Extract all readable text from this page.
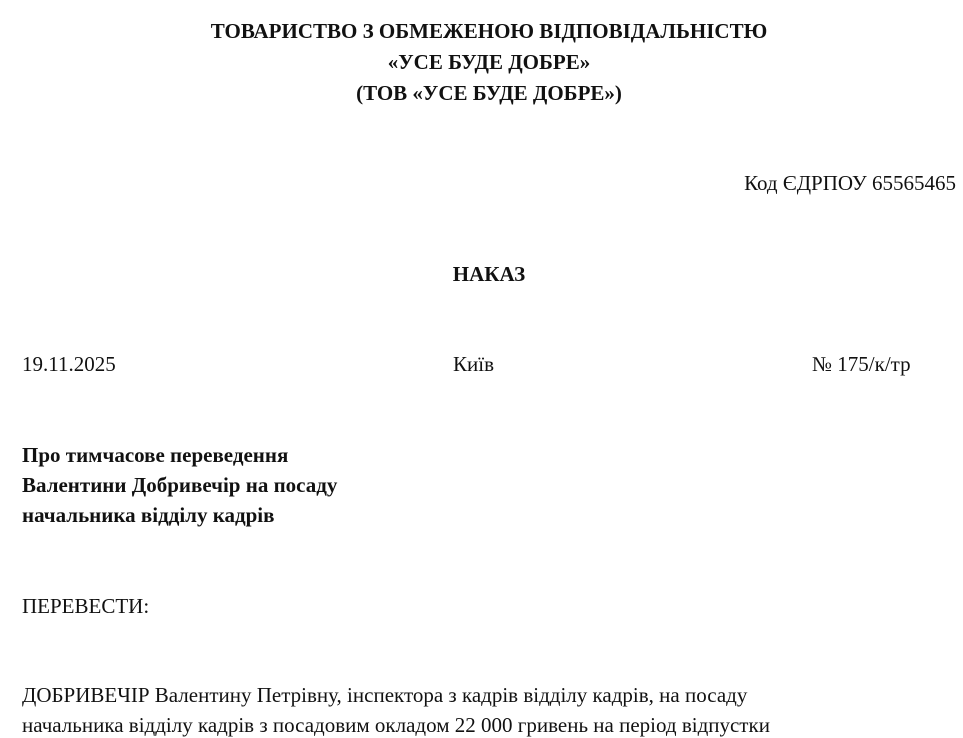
ТОВАРИСТВО З ОБМЕЖЕНОЮ ВІДПОВІДАЛЬНІСТЮ
«УСЕ БУДЕ ДОБРЕ»
(ТОВ «УСЕ БУДЕ ДОБРЕ»)
Код ЄДРПОУ 65565465
НАКАЗ
19.11.2025	Київ	№ 175/к/тр
Про тимчасове переведення
Валентини Добривечір на посаду
начальника відділу кадрів
ПЕРЕВЕСТИ:
ДОБРИВЕЧІР Валентину Петрівну, інспектора з кадрів відділу кадрів, на посаду
начальника відділу кадрів з посадовим окладом 22 000 гривень на період відпустки
